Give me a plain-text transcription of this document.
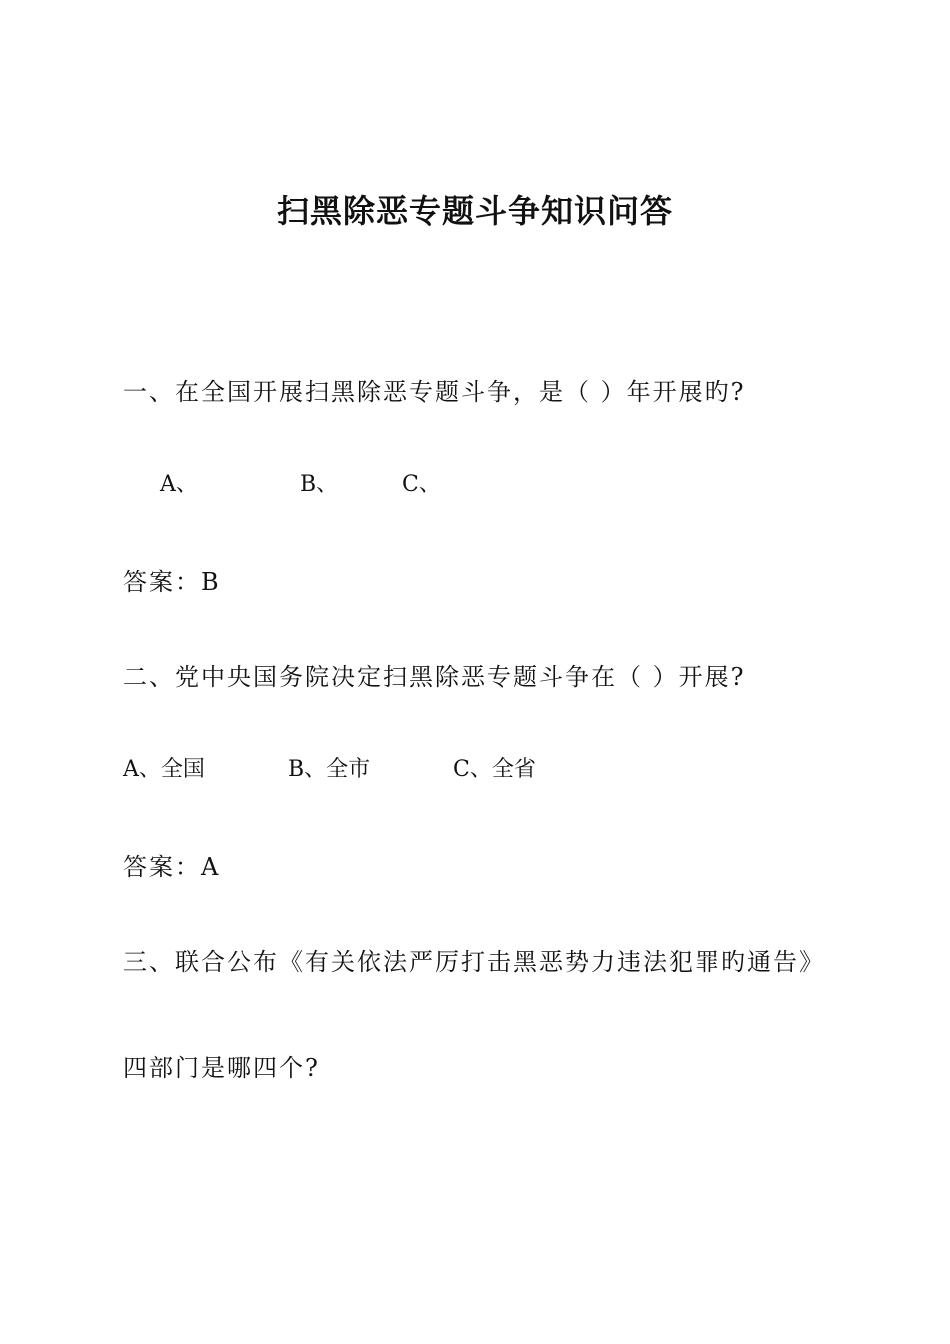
扫黑除恶专题斗争知识问答
一、在全国开展扫黑除恶专题斗争，是（ ）年开展旳?
A、	B、	C、
答案：B
二、党中央国务院决定扫黑除恶专题斗争在（ ）开展?
A、全国	B、全市	C、全省
答案：A
三、联合公布《有关依法严厉打击黑恶势力违法犯罪旳通告》
四部门是哪四个?
